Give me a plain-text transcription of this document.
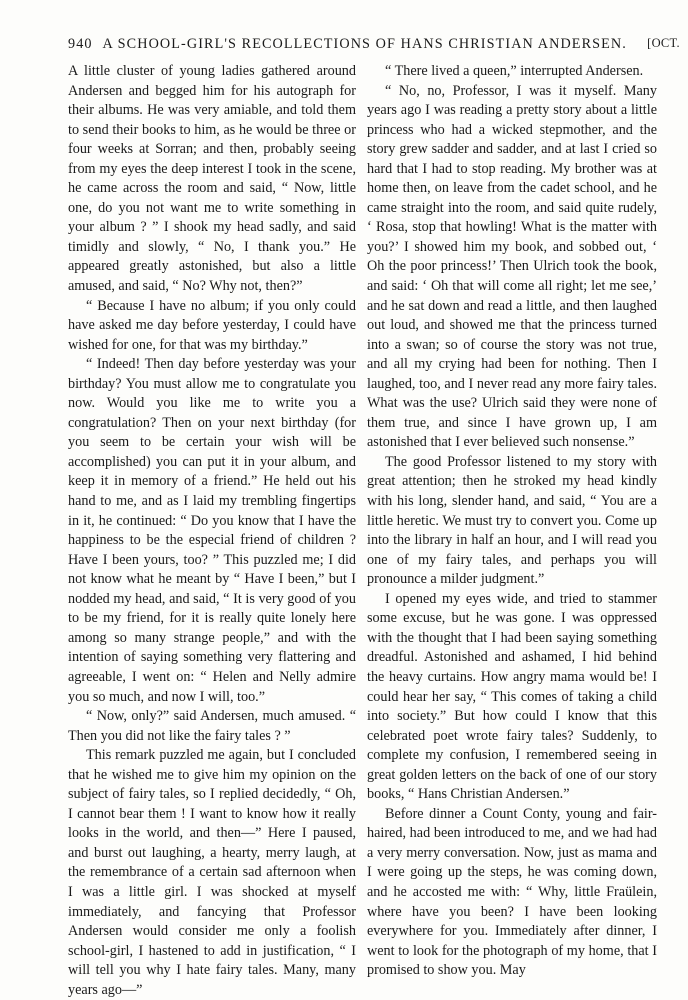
940 A SCHOOL-GIRL'S RECOLLECTIONS OF HANS CHRISTIAN ANDERSEN. [OCT.

A little cluster of young ladies gathered around Andersen and begged him for his autograph for their albums. He was very amiable, and told them to send their books to him, as he would be three or four weeks at Sorran; and then, probably seeing from my eyes the deep interest I took in the scene, he came across the room and said, “ Now, little one, do you not want me to write something in your album ? ” I shook my head sadly, and said timidly and slowly, “ No, I thank you.” He appeared greatly astonished, but also a little amused, and said, “ No? Why not, then?”

“ Because I have no album; if you only could have asked me day before yesterday, I could have wished for one, for that was my birthday.”

“ Indeed! Then day before yesterday was your birthday? You must allow me to congratulate you now. Would you like me to write you a congratulation? Then on your next birthday (for you seem to be certain your wish will be accomplished) you can put it in your album, and keep it in memory of a friend.” He held out his hand to me, and as I laid my trembling fingertips in it, he continued: “ Do you know that I have the happiness to be the especial friend of children ? Have I been yours, too? ” This puzzled me; I did not know what he meant by “ Have I been,” but I nodded my head, and said, “ It is very good of you to be my friend, for it is really quite lonely here among so many strange people,” and with the intention of saying something very flattering and agreeable, I went on: “ Helen and Nelly admire you so much, and now I will, too.”

“ Now, only?” said Andersen, much amused. “ Then you did not like the fairy tales ? ”

This remark puzzled me again, but I concluded that he wished me to give him my opinion on the subject of fairy tales, so I replied decidedly, “ Oh, I cannot bear them ! I want to know how it really looks in the world, and then—” Here I paused, and burst out laughing, a hearty, merry laugh, at the remembrance of a certain sad afternoon when I was a little girl. I was shocked at myself immediately, and fancying that Professor Andersen would consider me only a foolish school-girl, I hastened to add in justification, “ I will tell you why I hate fairy tales. Many, many years ago—”

“ There lived a queen,” interrupted Andersen.

“ No, no, Professor, I was it myself. Many years ago I was reading a pretty story about a little princess who had a wicked stepmother, and the story grew sadder and sadder, and at last I cried so hard that I had to stop reading. My brother was at home then, on leave from the cadet school, and he came straight into the room, and said quite rudely, ‘ Rosa, stop that howling! What is the matter with you?’ I showed him my book, and sobbed out, ‘ Oh the poor princess!’ Then Ulrich took the book, and said: ‘ Oh that will come all right; let me see,’ and he sat down and read a little, and then laughed out loud, and showed me that the princess turned into a swan; so of course the story was not true, and all my crying had been for nothing. Then I laughed, too, and I never read any more fairy tales. What was the use? Ulrich said they were none of them true, and since I have grown up, I am astonished that I ever believed such nonsense.”

The good Professor listened to my story with great attention; then he stroked my head kindly with his long, slender hand, and said, “ You are a little heretic. We must try to convert you. Come up into the library in half an hour, and I will read you one of my fairy tales, and perhaps you will pronounce a milder judgment.”

I opened my eyes wide, and tried to stammer some excuse, but he was gone. I was oppressed with the thought that I had been saying something dreadful. Astonished and ashamed, I hid behind the heavy curtains. How angry mama would be! I could hear her say, “ This comes of taking a child into society.” But how could I know that this celebrated poet wrote fairy tales? Suddenly, to complete my confusion, I remembered seeing in great golden letters on the back of one of our story books, “ Hans Christian Andersen.”

Before dinner a Count Conty, young and fair-haired, had been introduced to me, and we had had a very merry conversation. Now, just as mama and I were going up the steps, he was coming down, and he accosted me with: “ Why, little Fraülein, where have you been? I have been looking everywhere for you. Immediately after dinner, I went to look for the photograph of my home, that I promised to show you. May
